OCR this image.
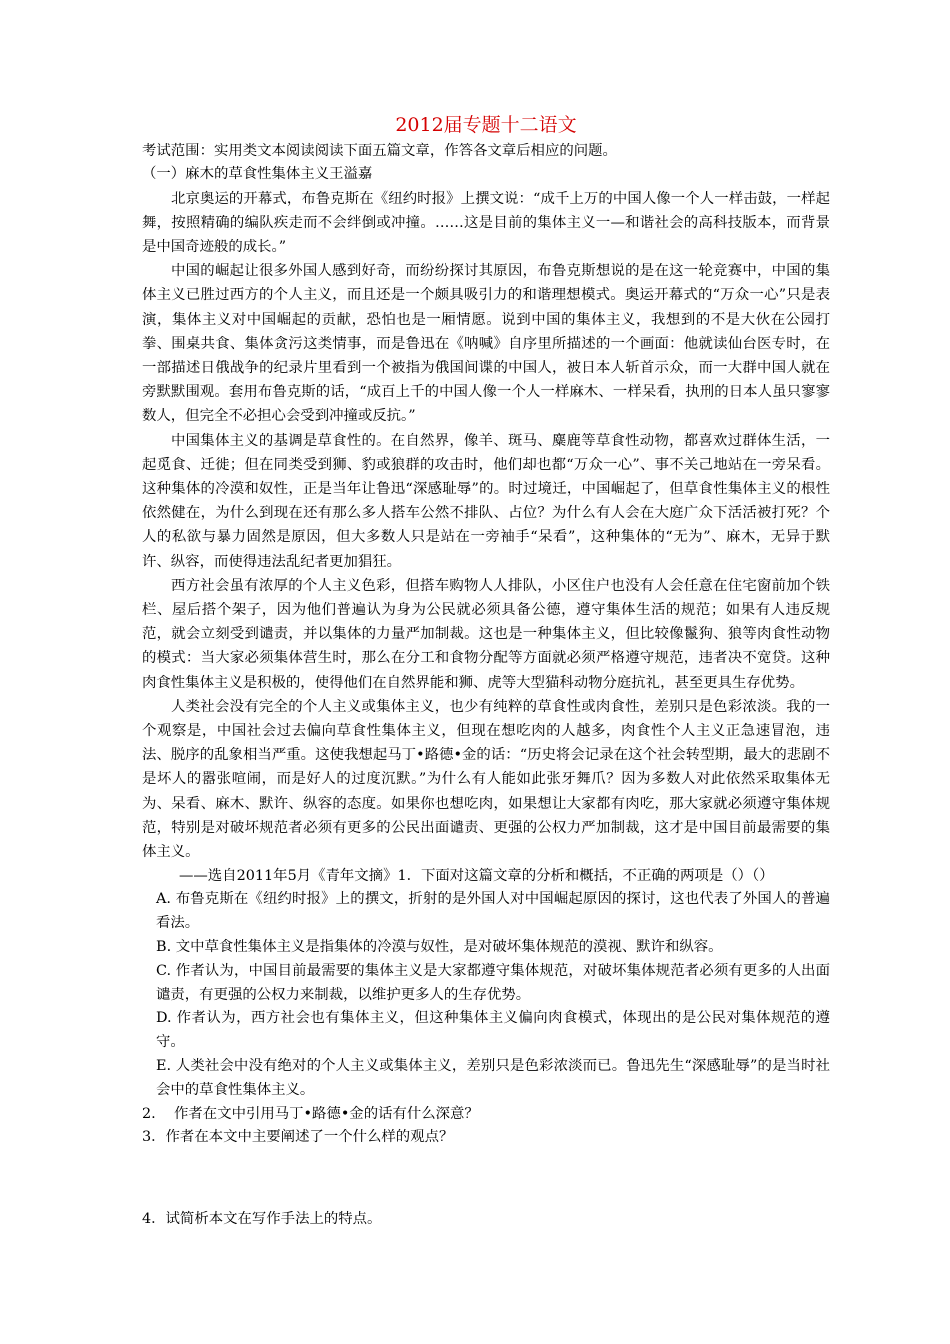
2012届专题十二语文
考试范围：实用类文本阅读阅读下面五篇文章，作答各文章后相应的问题。
（一）麻木的草食性集体主义王溢嘉

北京奥运的开幕式，布鲁克斯在《纽约时报》上撰文说：“成千上万的中国人像一个人一样击鼓，一样起舞，按照精确的编队疾走而不会绊倒或冲撞。……这是目前的集体主义一—和谐社会的高科技版本，而背景是中国奇迹般的成长。”

中国的崛起让很多外国人感到好奇，而纷纷探讨其原因，布鲁克斯想说的是在这一轮竞赛中，中国的集体主义已胜过西方的个人主义，而且还是一个颇具吸引力的和谐理想模式。奥运开幕式的“万众一心”只是表演，集体主义对中国崛起的贡献，恐怕也是一厢情愿。说到中国的集体主义，我想到的不是大伙在公园打拳、围桌共食、集体贪污这类情事，而是鲁迅在《呐喊》自序里所描述的一个画面：他就读仙台医专时，在一部描述日俄战争的纪录片里看到一个被指为俄国间谍的中国人，被日本人斩首示众，而一大群中国人就在旁默默围观。套用布鲁克斯的话，“成百上千的中国人像一个人一样麻木、一样呆看，执刑的日本人虽只寥寥数人，但完全不必担心会受到冲撞或反抗。”

中国集体主义的基调是草食性的。在自然界，像羊、斑马、麋鹿等草食性动物，都喜欢过群体生活，一起觅食、迁徙；但在同类受到狮、豹或狼群的攻击时，他们却也都“万众一心”、事不关己地站在一旁呆看。这种集体的冷漠和奴性，正是当年让鲁迅“深感耻辱”的。时过境迁，中国崛起了，但草食性集体主义的根性依然健在，为什么到现在还有那么多人搭车公然不排队、占位？为什么有人会在大庭广众下活活被打死？个人的私欲与暴力固然是原因，但大多数人只是站在一旁袖手“呆看”，这种集体的“无为”、麻木，无异于默许、纵容，而使得违法乱纪者更加猖狂。

西方社会虽有浓厚的个人主义色彩，但搭车购物人人排队，小区住户也没有人会任意在住宅窗前加个铁栏、屋后搭个架子，因为他们普遍认为身为公民就必须具备公德，遵守集体生活的规范；如果有人违反规范，就会立刻受到谴责，并以集体的力量严加制裁。这也是一种集体主义，但比较像鬣狗、狼等肉食性动物的模式：当大家必须集体营生时，那么在分工和食物分配等方面就必须严格遵守规范，违者决不宽贷。这种肉食性集体主义是积极的，使得他们在自然界能和狮、虎等大型猫科动物分庭抗礼，甚至更具生存优势。

人类社会没有完全的个人主义或集体主义，也少有纯粹的草食性或肉食性，差别只是色彩浓淡。我的一个观察是，中国社会过去偏向草食性集体主义，但现在想吃肉的人越多，肉食性个人主义正急速冒泡，违法、脱序的乱象相当严重。这使我想起马丁•路德•金的话：“历史将会记录在这个社会转型期，最大的悲剧不是坏人的嚣张喧闹，而是好人的过度沉默。”为什么有人能如此张牙舞爪？因为多数人对此依然采取集体无为、呆看、麻木、默许、纵容的态度。如果你也想吃肉，如果想让大家都有肉吃，那大家就必须遵守集体规范，特别是对破坏规范者必须有更多的公民出面谴责、更强的公权力严加制裁，这才是中国目前最需要的集体主义。

——选自2011年5月《青年文摘》1．下面对这篇文章的分析和概括，不正确的两项是（）（）

A. 布鲁克斯在《纽约时报》上的撰文，折射的是外国人对中国崛起原因的探讨，这也代表了外国人的普遍看法。

B. 文中草食性集体主义是指集体的冷漠与奴性，是对破坏集体规范的漠视、默许和纵容。

C. 作者认为，中国目前最需要的集体主义是大家都遵守集体规范，对破坏集体规范者必须有更多的人出面谴责，有更强的公权力来制裁，以维护更多人的生存优势。

D. 作者认为，西方社会也有集体主义，但这种集体主义偏向肉食模式，体现出的是公民对集体规范的遵守。

E. 人类社会中没有绝对的个人主义或集体主义，差别只是色彩浓淡而已。鲁迅先生“深感耻辱”的是当时社会中的草食性集体主义。

2.    作者在文中引用马丁•路德•金的话有什么深意？
3．作者在本文中主要阐述了一个什么样的观点？
4．试简析本文在写作手法上的特点。
